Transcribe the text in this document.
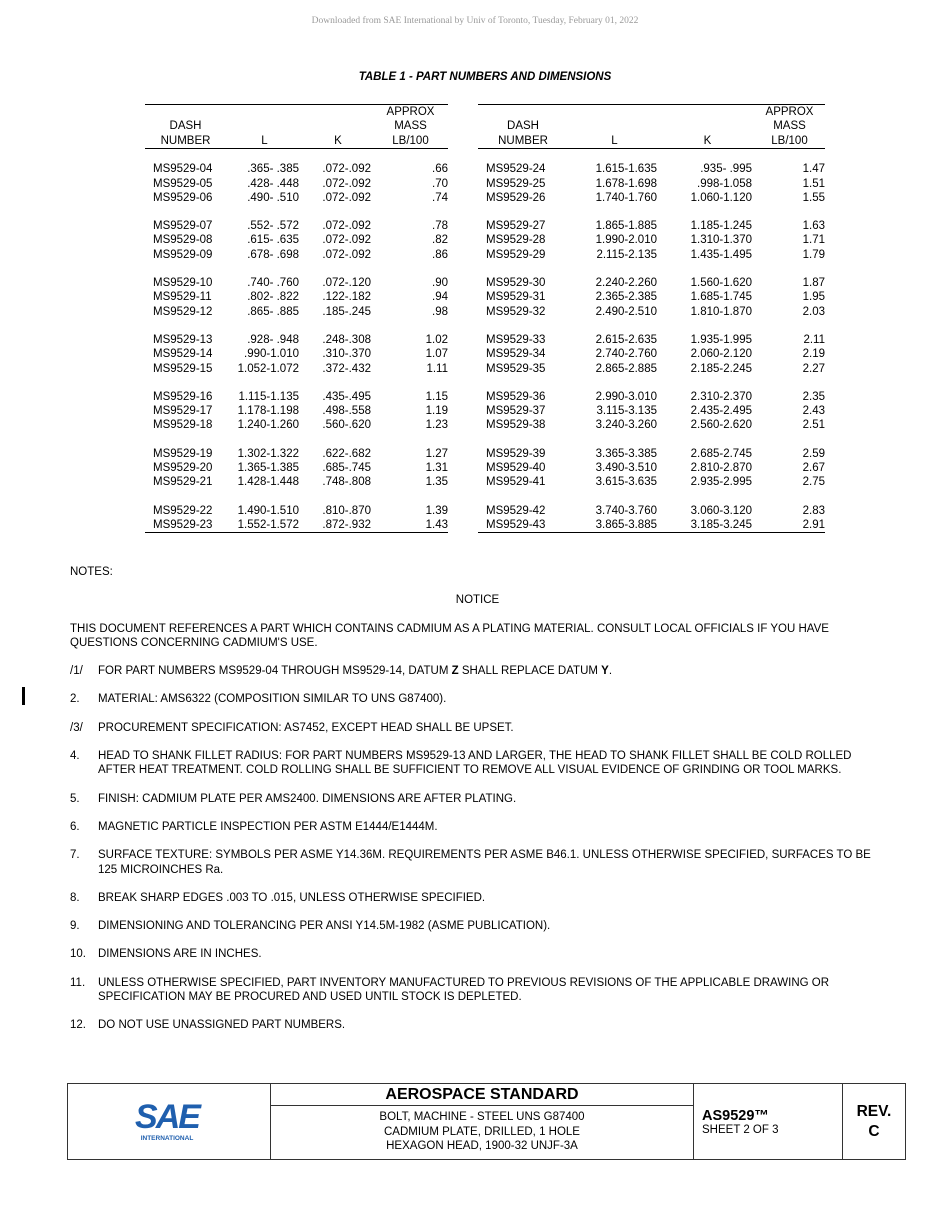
Downloaded from SAE International by Univ of Toronto, Tuesday, February 01, 2022
TABLE 1 - PART NUMBERS AND DIMENSIONS
			APPROX
DASH			MASS
NUMBER	L	K	LB/100

MS9529-04	.365- .385	.072-.092	.66
MS9529-05	.428- .448	.072-.092	.70
MS9529-06	.490- .510	.072-.092	.74

MS9529-07	.552- .572	.072-.092	.78
MS9529-08	.615- .635	.072-.092	.82
MS9529-09	.678- .698	.072-.092	.86

MS9529-10	.740- .760	.072-.120	.90
MS9529-11	.802- .822	.122-.182	.94
MS9529-12	.865- .885	.185-.245	.98

MS9529-13	.928- .948	.248-.308	1.02
MS9529-14	.990-1.010	.310-.370	1.07
MS9529-15	1.052-1.072	.372-.432	1.11

MS9529-16	1.115-1.135	.435-.495	1.15
MS9529-17	1.178-1.198	.498-.558	1.19
MS9529-18	1.240-1.260	.560-.620	1.23

MS9529-19	1.302-1.322	.622-.682	1.27
MS9529-20	1.365-1.385	.685-.745	1.31
MS9529-21	1.428-1.448	.748-.808	1.35

MS9529-22	1.490-1.510	.810-.870	1.39
MS9529-23	1.552-1.572	.872-.932	1.43

			APPROX
DASH			MASS
NUMBER	L	K	LB/100

MS9529-24	1.615-1.635	.935- .995	1.47
MS9529-25	1.678-1.698	.998-1.058	1.51
MS9529-26	1.740-1.760	1.060-1.120	1.55

MS9529-27	1.865-1.885	1.185-1.245	1.63
MS9529-28	1.990-2.010	1.310-1.370	1.71
MS9529-29	2.115-2.135	1.435-1.495	1.79

MS9529-30	2.240-2.260	1.560-1.620	1.87
MS9529-31	2.365-2.385	1.685-1.745	1.95
MS9529-32	2.490-2.510	1.810-1.870	2.03

MS9529-33	2.615-2.635	1.935-1.995	2.11
MS9529-34	2.740-2.760	2.060-2.120	2.19
MS9529-35	2.865-2.885	2.185-2.245	2.27

MS9529-36	2.990-3.010	2.310-2.370	2.35
MS9529-37	3.115-3.135	2.435-2.495	2.43
MS9529-38	3.240-3.260	2.560-2.620	2.51

MS9529-39	3.365-3.385	2.685-2.745	2.59
MS9529-40	3.490-3.510	2.810-2.870	2.67
MS9529-41	3.615-3.635	2.935-2.995	2.75

MS9529-42	3.740-3.760	3.060-3.120	2.83
MS9529-43	3.865-3.885	3.185-3.245	2.91

NOTES:

NOTICE

THIS DOCUMENT REFERENCES A PART WHICH CONTAINS CADMIUM AS A PLATING MATERIAL. CONSULT LOCAL OFFICIALS IF YOU HAVE QUESTIONS CONCERNING CADMIUM'S USE.

/1/ FOR PART NUMBERS MS9529-04 THROUGH MS9529-14, DATUM Z SHALL REPLACE DATUM Y.
2. MATERIAL: AMS6322 (COMPOSITION SIMILAR TO UNS G87400).
/3/ PROCUREMENT SPECIFICATION: AS7452, EXCEPT HEAD SHALL BE UPSET.
4. HEAD TO SHANK FILLET RADIUS: FOR PART NUMBERS MS9529-13 AND LARGER, THE HEAD TO SHANK FILLET SHALL BE COLD ROLLED AFTER HEAT TREATMENT. COLD ROLLING SHALL BE SUFFICIENT TO REMOVE ALL VISUAL EVIDENCE OF GRINDING OR TOOL MARKS.
5. FINISH: CADMIUM PLATE PER AMS2400. DIMENSIONS ARE AFTER PLATING.
6. MAGNETIC PARTICLE INSPECTION PER ASTM E1444/E1444M.
7. SURFACE TEXTURE: SYMBOLS PER ASME Y14.36M. REQUIREMENTS PER ASME B46.1. UNLESS OTHERWISE SPECIFIED, SURFACES TO BE 125 MICROINCHES Ra.
8. BREAK SHARP EDGES .003 TO .015, UNLESS OTHERWISE SPECIFIED.
9. DIMENSIONING AND TOLERANCING PER ANSI Y14.5M-1982 (ASME PUBLICATION).
10. DIMENSIONS ARE IN INCHES.
11. UNLESS OTHERWISE SPECIFIED, PART INVENTORY MANUFACTURED TO PREVIOUS REVISIONS OF THE APPLICABLE DRAWING OR SPECIFICATION MAY BE PROCURED AND USED UNTIL STOCK IS DEPLETED.
12. DO NOT USE UNASSIGNED PART NUMBERS.
SAE
INTERNATIONAL

AEROSPACE STANDARD
BOLT, MACHINE - STEEL UNS G87400
CADMIUM PLATE, DRILLED, 1 HOLE
HEXAGON HEAD, 1900-32 UNJF-3A

AS9529™
SHEET 2 OF 3

REV.
C
